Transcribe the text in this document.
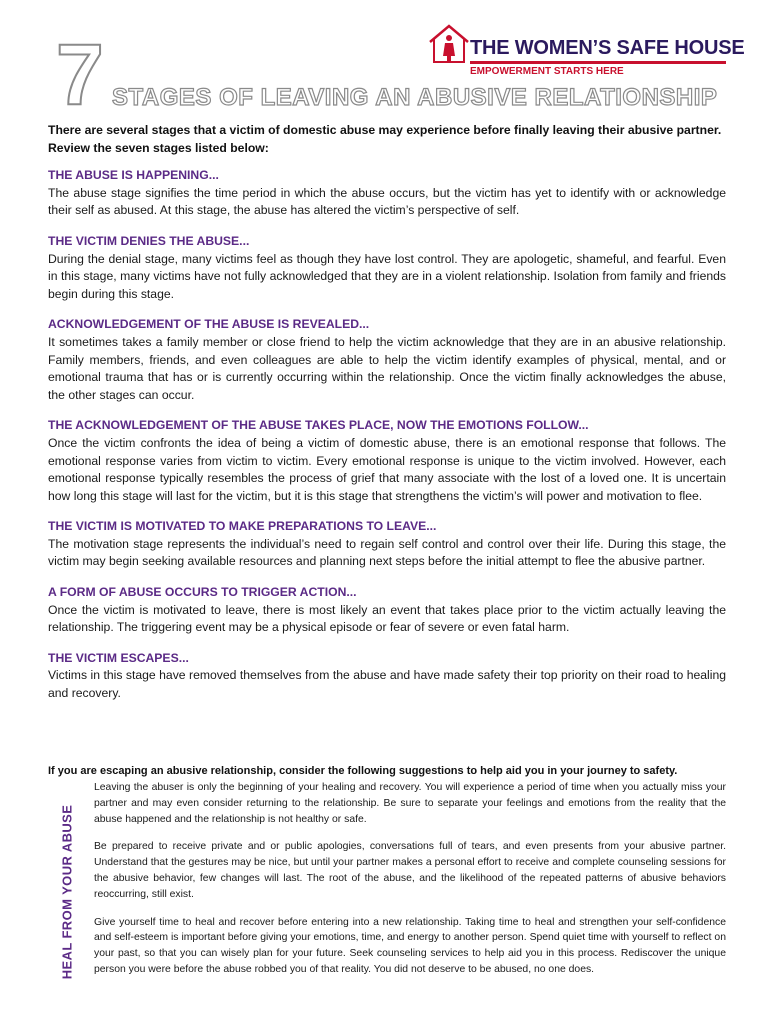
7 STAGES OF LEAVING AN ABUSIVE RELATIONSHIP
THE WOMEN’S SAFE HOUSE
EMPOWERMENT STARTS HERE

There are several stages that a victim of domestic abuse may experience before finally leaving their abusive partner. Review the seven stages listed below:

THE ABUSE IS HAPPENING...

The abuse stage signifies the time period in which the abuse occurs, but the victim has yet to identify with or acknowledge their self as abused. At this stage, the abuse has altered the victim’s perspective of self.

THE VICTIM DENIES THE ABUSE...

During the denial stage, many victims feel as though they have lost control. They are apologetic, shameful, and fearful. Even in this stage, many victims have not fully acknowledged that they are in a violent relationship. Isolation from family and friends begin during this stage.

ACKNOWLEDGEMENT OF THE ABUSE IS REVEALED...

It sometimes takes a family member or close friend to help the victim acknowledge that they are in an abusive relationship. Family members, friends, and even colleagues are able to help the victim identify examples of physical, mental, and or emotional trauma that has or is currently occurring within the relationship. Once the victim finally acknowledges the abuse, the other stages can occur.

THE ACKNOWLEDGEMENT OF THE ABUSE TAKES PLACE, NOW THE EMOTIONS FOLLOW...

Once the victim confronts the idea of being a victim of domestic abuse, there is an emotional response that follows. The emotional response varies from victim to victim. Every emotional response is unique to the victim involved. However, each emotional response typically resembles the process of grief that many associate with the lost of a loved one. It is uncertain how long this stage will last for the victim, but it is this stage that strengthens the victim’s will power and motivation to flee.

THE VICTIM IS MOTIVATED TO MAKE PREPARATIONS TO LEAVE...

The motivation stage represents the individual’s need to regain self control and control over their life. During this stage, the victim may begin seeking available resources and planning next steps before the initial attempt to flee the abusive partner.

A FORM OF ABUSE OCCURS TO TRIGGER ACTION...

Once the victim is motivated to leave, there is most likely an event that takes place prior to the victim actually leaving the relationship. The triggering event may be a physical episode or fear of severe or even fatal harm.

THE VICTIM ESCAPES...

Victims in this stage have removed themselves from the abuse and have made safety their top priority on their road to healing and recovery.

If you are escaping an abusive relationship, consider the following suggestions to help aid you in your journey to safety.
HEAL FROM YOUR ABUSE

Leaving the abuser is only the beginning of your healing and recovery. You will experience a period of time when you actually miss your partner and may even consider returning to the relationship. Be sure to separate your feelings and emotions from the reality that the abuse happened and the relationship is not healthy or safe.

Be prepared to receive private and or public apologies, conversations full of tears, and even presents from your abusive partner. Understand that the gestures may be nice, but until your partner makes a personal effort to receive and complete counseling sessions for the abusive behavior, few changes will last. The root of the abuse, and the likelihood of the repeated patterns of abusive behaviors reoccurring, still exist.

Give yourself time to heal and recover before entering into a new relationship. Taking time to heal and strengthen your self-confidence and self-esteem is important before giving your emotions, time, and energy to another person. Spend quiet time with yourself to reflect on your past, so that you can wisely plan for your future. Seek counseling services to help aid you in this process. Rediscover the unique person you were before the abuse robbed you of that reality. You did not deserve to be abused, no one does.
